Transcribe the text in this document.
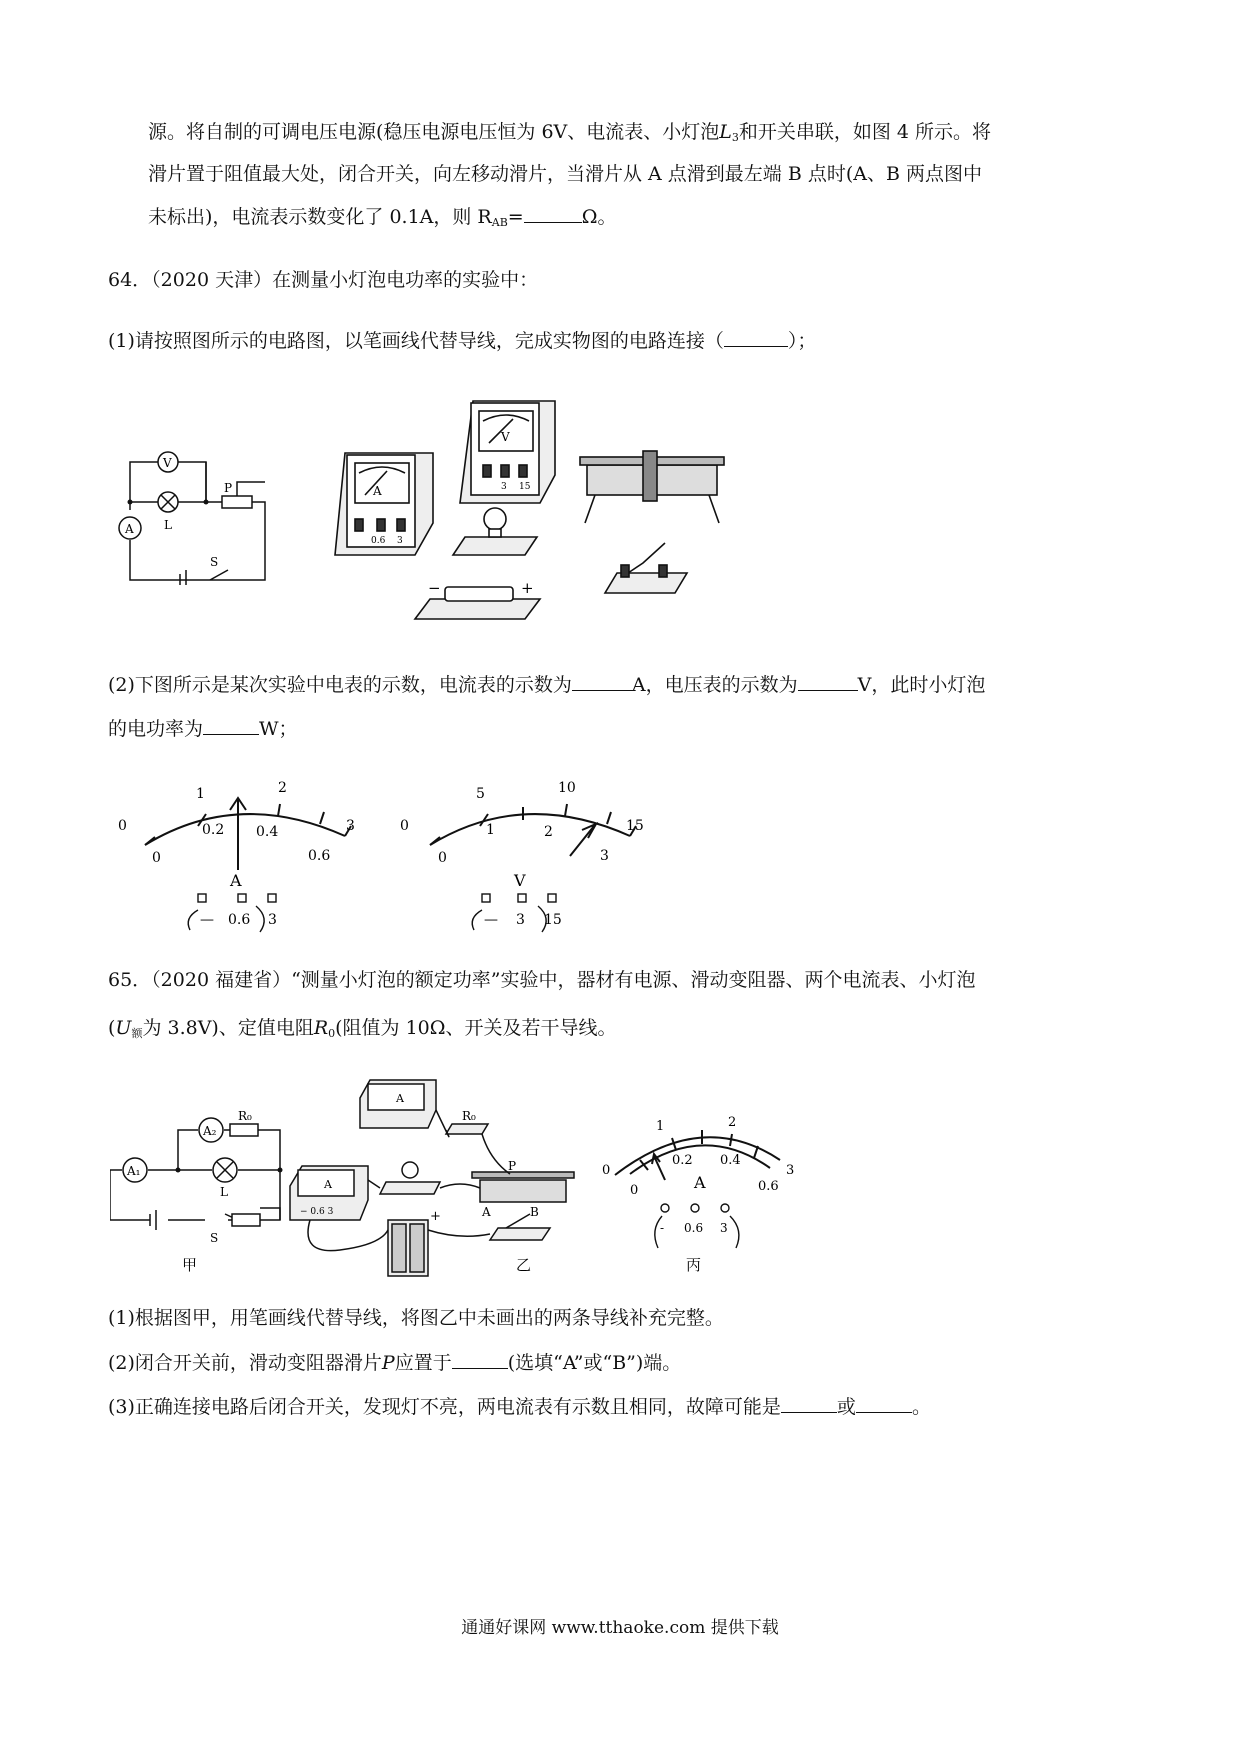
源。将自制的可调电压电源(稳压电源电压恒为 6V、电流表、小灯泡$L_3$和开关串联，如图 4 所示。将
滑片置于阻值最大处，闭合开关，向左移动滑片，当滑片从 A 点滑到最左端 B 点时(A、B 两点图中
未标出)，电流表示数变化了 0.1A，则 $R_{AB}=$	Ω。
64．（2020 天津）在测量小灯泡电功率的实验中：
(1)请按照图所示的电路图，以笔画线代替导线，完成实物图的电路连接（	）；
V
A	L
P
S
A
V
0.6 3
3 15
−	+
(2)下图所示是某次实验中电表的示数，电流表的示数为	A，电压表的示数为	V，此时小灯泡
的电功率为	W；
0
1	2
3
0
0.2 0.4
0.6
A
0
5	10
15
0
1	2
3
V
— 0.6 3	— 3 15
65．（2020 福建省）“测量小灯泡的额定功率”实验中，器材有电源、滑动变阻器、两个电流表、小灯泡
($U_额$为 3.8V)、定值电阻$R_0$(阻值为 10Ω、开关及若干导线。
A₁
A₂
R₀
L
S
甲
A
A
R₀
− 0.6 3
P
A	B
+
乙
0
1	2
3
0
0.2 0.4
0.6
A
- 0.6 3
丙
(1)根据图甲，用笔画线代替导线，将图乙中未画出的两条导线补充完整。
(2)闭合开关前，滑动变阻器滑片P应置于	(选填“A”或“B”)端。
(3)正确连接电路后闭合开关，发现灯不亮，两电流表有示数且相同，故障可能是	或	。
通通好课网 www.tthaoke.com 提供下载
